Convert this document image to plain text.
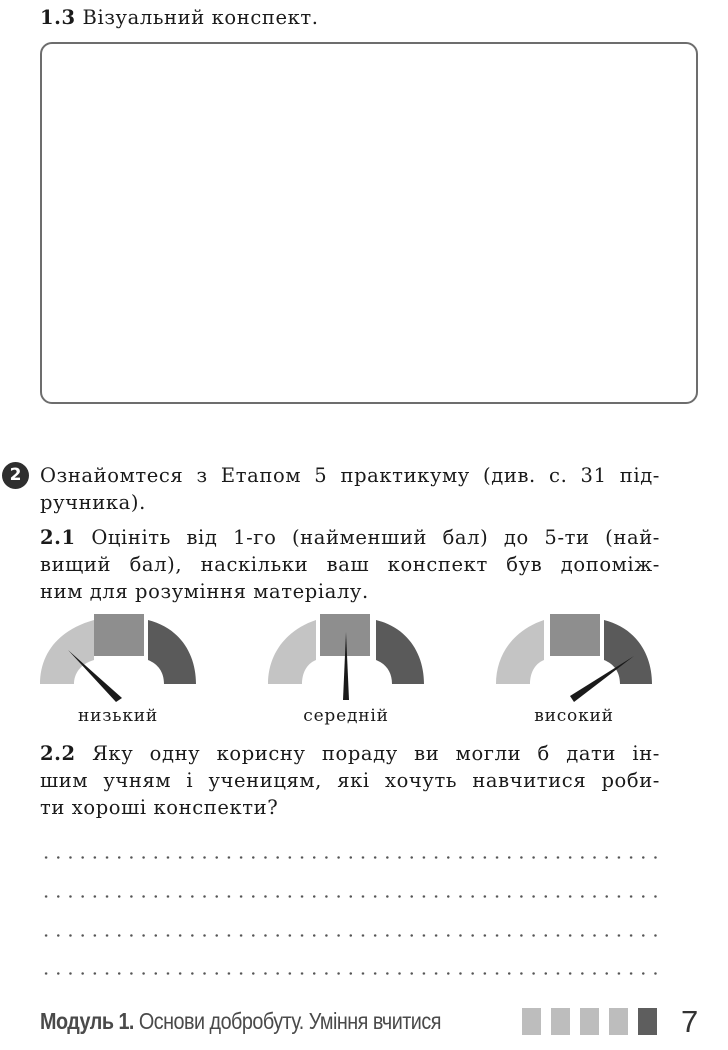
1.3 Візуальний конспект.
2 Ознайомтеся з Етапом 5 практикуму (див. с. 31 під-
ручника).
2.1 Оцініть від 1-го (найменший бал) до 5-ти (най-
вищий бал), наскільки ваш конспект був допоміж-
ним для розуміння матеріалу.
низький	середній	високий
2.2 Яку одну корисну пораду ви могли б дати ін-
шим учням і ученицям, які хочуть навчитися роби-
ти хороші конспекти?
Модуль 1. Основи добробуту. Уміння вчитися	7
